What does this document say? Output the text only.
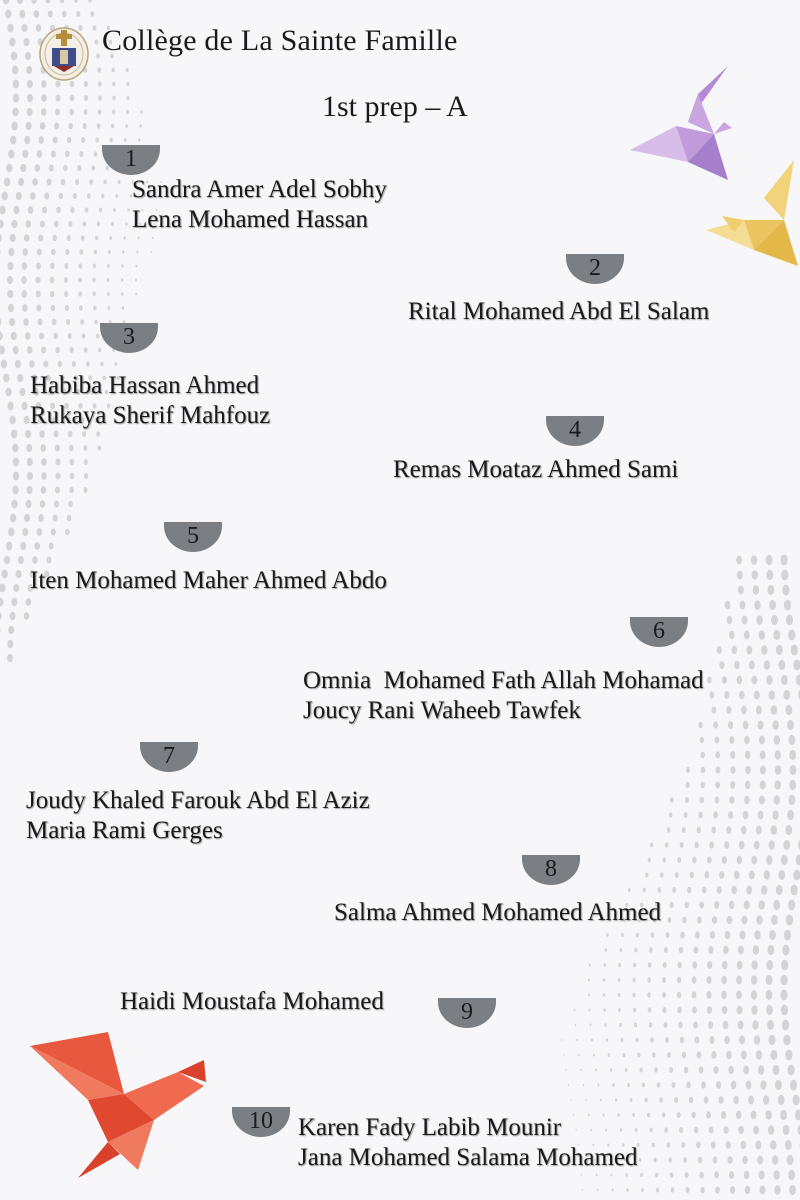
Collège de La Sainte Famille
1st prep – A
1
Sandra Amer Adel Sobhy
Lena Mohamed Hassan
2
Rital Mohamed Abd El Salam
3
Habiba Hassan Ahmed
Rukaya Sherif Mahfouz
4
Remas Moataz Ahmed Sami
5
Iten Mohamed Maher Ahmed Abdo
6
Omnia  Mohamed Fath Allah Mohamad
Joucy Rani Waheeb Tawfek
7
Joudy Khaled Farouk Abd El Aziz
Maria Rami Gerges
8
Salma Ahmed Mohamed Ahmed
Haidi Moustafa Mohamed	9
10 Karen Fady Labib Mounir
Jana Mohamed Salama Mohamed
